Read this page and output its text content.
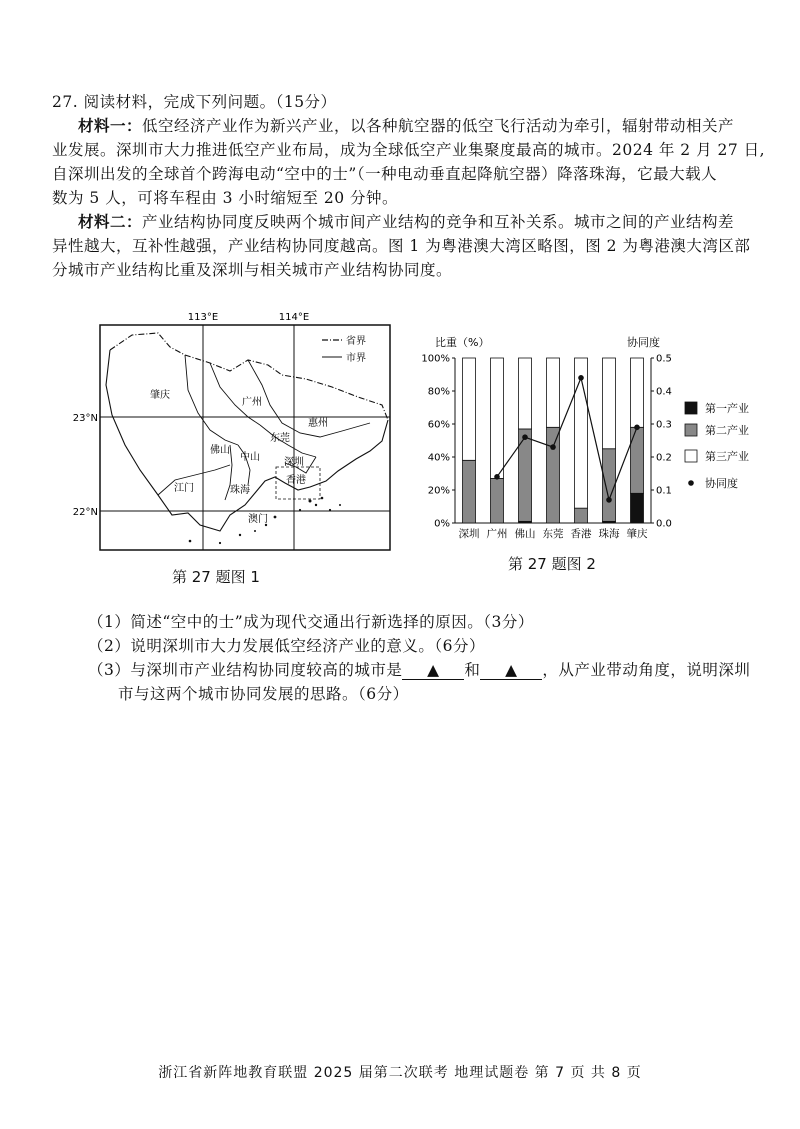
27. 阅读材料，完成下列问题。（15分）
材料一：低空经济产业作为新兴产业，以各种航空器的低空飞行活动为牵引，辐射带动相关产
业发展。深圳市大力推进低空产业布局，成为全球低空产业集聚度最高的城市。2024 年 2 月 27 日,
自深圳出发的全球首个跨海电动“空中的士”（一种电动垂直起降航空器）降落珠海，它最大载人
数为 5 人，可将车程由 3 小时缩短至 20 分钟。
材料二：产业结构协同度反映两个城市间产业结构的竞争和互补关系。城市之间的产业结构差
异性越大，互补性越强，产业结构协同度越高。图 1 为粤港澳大湾区略图，图 2 为粤港澳大湾区部
分城市产业结构比重及深圳与相关城市产业结构协同度。
113°E	114°E
23°N
22°N
省界
市界
肇庆
广州
惠州
东莞
中山
佛山
深圳
江门	珠海
澳门
香港
第 27 题图 1
比重（%）	协同度
0%
20%
40%
60%
80%
100%
0.0
0.1
0.2
0.3
0.4
0.5
深圳 广州 佛山 东莞 香港 珠海 肇庆
第一产业
第二产业
第三产业
协同度
第 27 题图 2
（1）简述“空中的士”成为现代交通出行新选择的原因。（3分）
（2）说明深圳市大力发展低空经济产业的意义。（6分）
（3）与深圳市产业结构协同度较高的城市是 ▲ 和 ▲ ，从产业带动角度，说明深圳
市与这两个城市协同发展的思路。（6分）
浙江省新阵地教育联盟 2025 届第二次联考 地理试题卷 第 7 页 共 8 页
